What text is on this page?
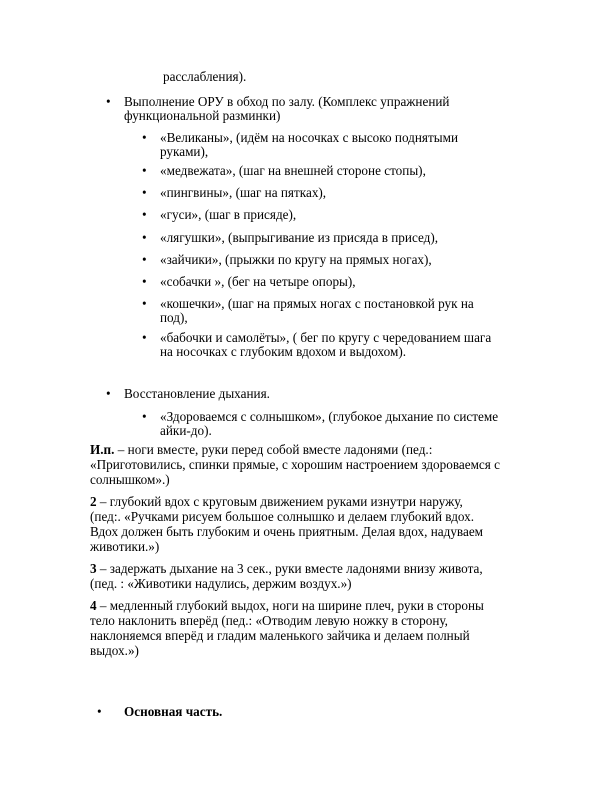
расслабления).
• Выполнение ОРУ в обход по залу. (Комплекс упражнений
функциональной разминки)
• «Великаны», (идём на носочках с высоко поднятыми
руками),
• «медвежата», (шаг на внешней стороне стопы),
• «пингвины», (шаг на пятках),
• «гуси», (шаг в присяде),
• «лягушки», (выпрыгивание из присяда в присед),
• «зайчики», (прыжки по кругу на прямых ногах),
• «собачки », (бег на четыре опоры),
• «кошечки», (шаг на прямых ногах с постановкой рук на
под),
• «бабочки и самолёты», ( бег по кругу с чередованием шага
на носочках с глубоким вдохом и выдохом).
• Восстановление дыхания.
• «Здороваемся с солнышком», (глубокое дыхание по системе
айки-до).
И.п. – ноги вместе, руки перед собой вместе ладонями (пед.:
«Приготовились, спинки прямые, с хорошим настроением здороваемся с
солнышком».)
2 – глубокий вдох с круговым движением руками изнутри наружу,
(пед:. «Ручками рисуем большое солнышко и делаем глубокий вдох.
Вдох должен быть глубоким и очень приятным. Делая вдох, надуваем
животики.»)
3 – задержать дыхание на 3 сек., руки вместе ладонями внизу живота,
(пед. : «Животики надулись, держим воздух.»)
4 – медленный глубокий выдох, ноги на ширине плеч, руки в стороны
тело наклонить вперёд (пед.: «Отводим левую ножку в сторону,
наклоняемся вперёд и гладим маленького зайчика и делаем полный
выдох.»)
• Основная часть.
